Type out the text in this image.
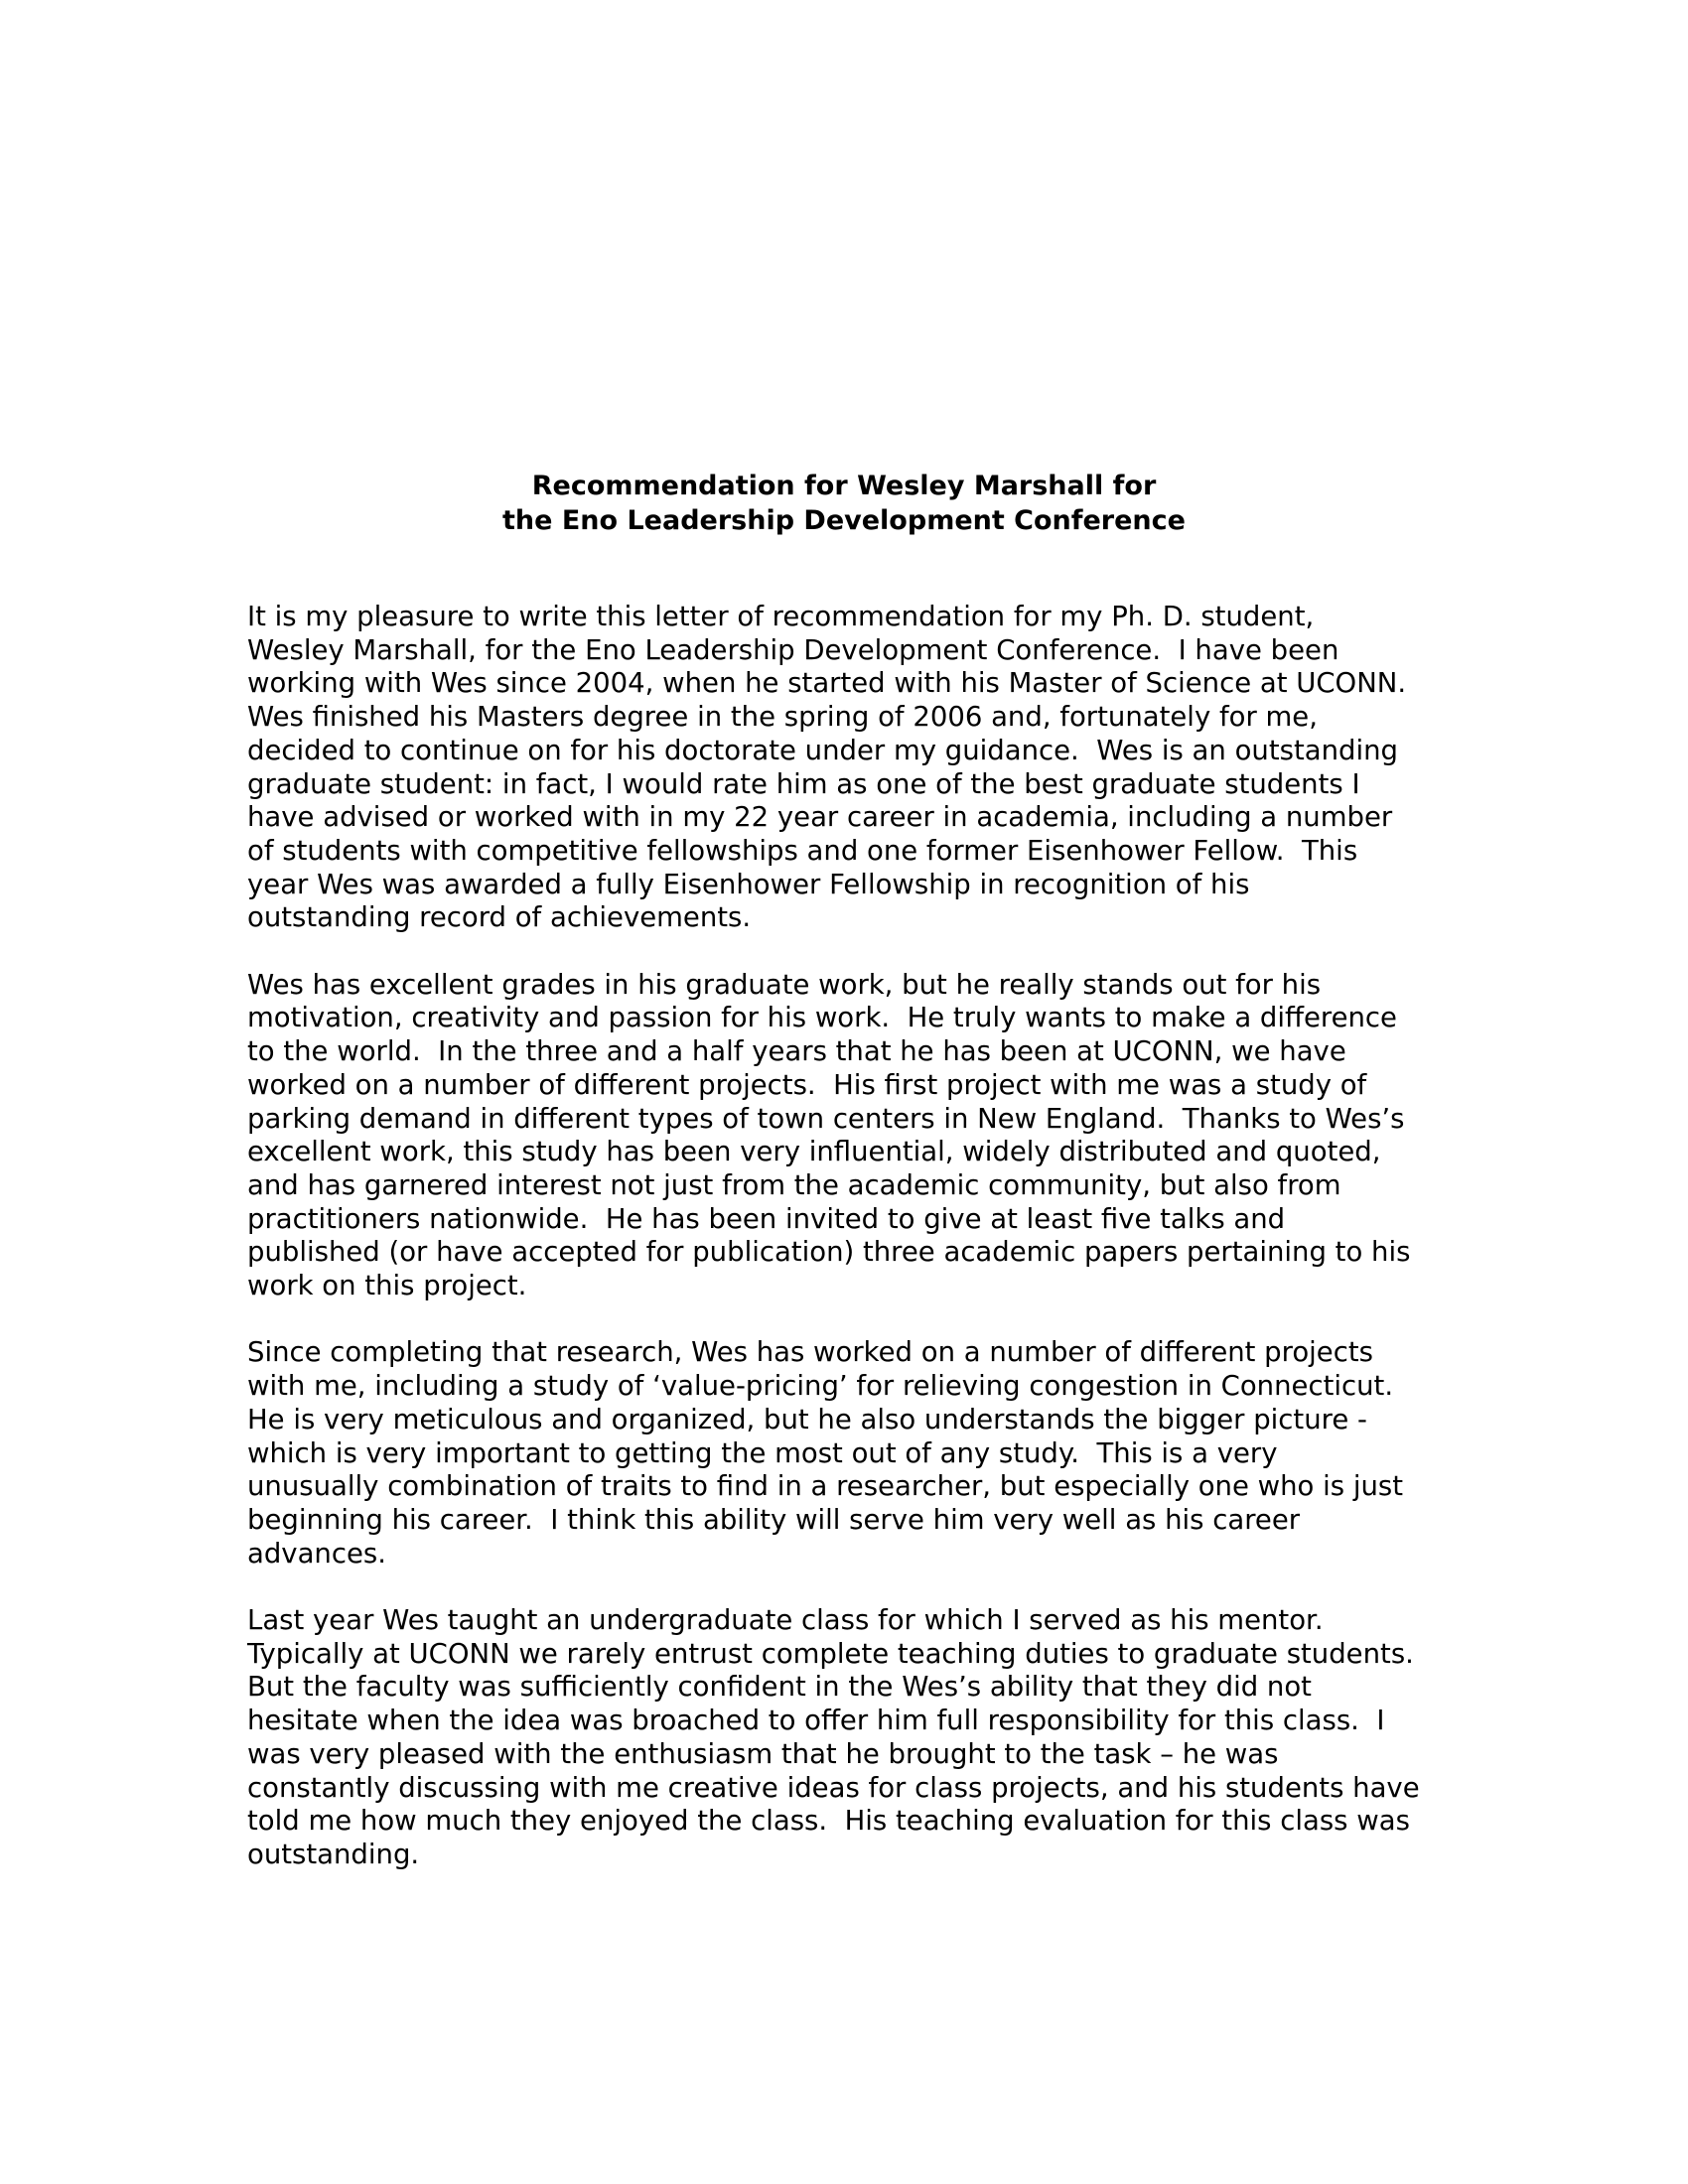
Recommendation for Wesley Marshall for
the Eno Leadership Development Conference

It is my pleasure to write this letter of recommendation for my Ph. D. student,
Wesley Marshall, for the Eno Leadership Development Conference.  I have been
working with Wes since 2004, when he started with his Master of Science at UCONN.
Wes finished his Masters degree in the spring of 2006 and, fortunately for me,
decided to continue on for his doctorate under my guidance.  Wes is an outstanding
graduate student: in fact, I would rate him as one of the best graduate students I
have advised or worked with in my 22 year career in academia, including a number
of students with competitive fellowships and one former Eisenhower Fellow.  This
year Wes was awarded a fully Eisenhower Fellowship in recognition of his
outstanding record of achievements.

Wes has excellent grades in his graduate work, but he really stands out for his
motivation, creativity and passion for his work.  He truly wants to make a difference
to the world.  In the three and a half years that he has been at UCONN, we have
worked on a number of different projects.  His first project with me was a study of
parking demand in different types of town centers in New England.  Thanks to Wes’s
excellent work, this study has been very influential, widely distributed and quoted,
and has garnered interest not just from the academic community, but also from
practitioners nationwide.  He has been invited to give at least five talks and
published (or have accepted for publication) three academic papers pertaining to his
work on this project.

Since completing that research, Wes has worked on a number of different projects
with me, including a study of ‘value-pricing’ for relieving congestion in Connecticut.
He is very meticulous and organized, but he also understands the bigger picture -
which is very important to getting the most out of any study.  This is a very
unusually combination of traits to find in a researcher, but especially one who is just
beginning his career.  I think this ability will serve him very well as his career
advances.

Last year Wes taught an undergraduate class for which I served as his mentor.
Typically at UCONN we rarely entrust complete teaching duties to graduate students.
But the faculty was sufficiently confident in the Wes’s ability that they did not
hesitate when the idea was broached to offer him full responsibility for this class.  I
was very pleased with the enthusiasm that he brought to the task – he was
constantly discussing with me creative ideas for class projects, and his students have
told me how much they enjoyed the class.  His teaching evaluation for this class was
outstanding.
